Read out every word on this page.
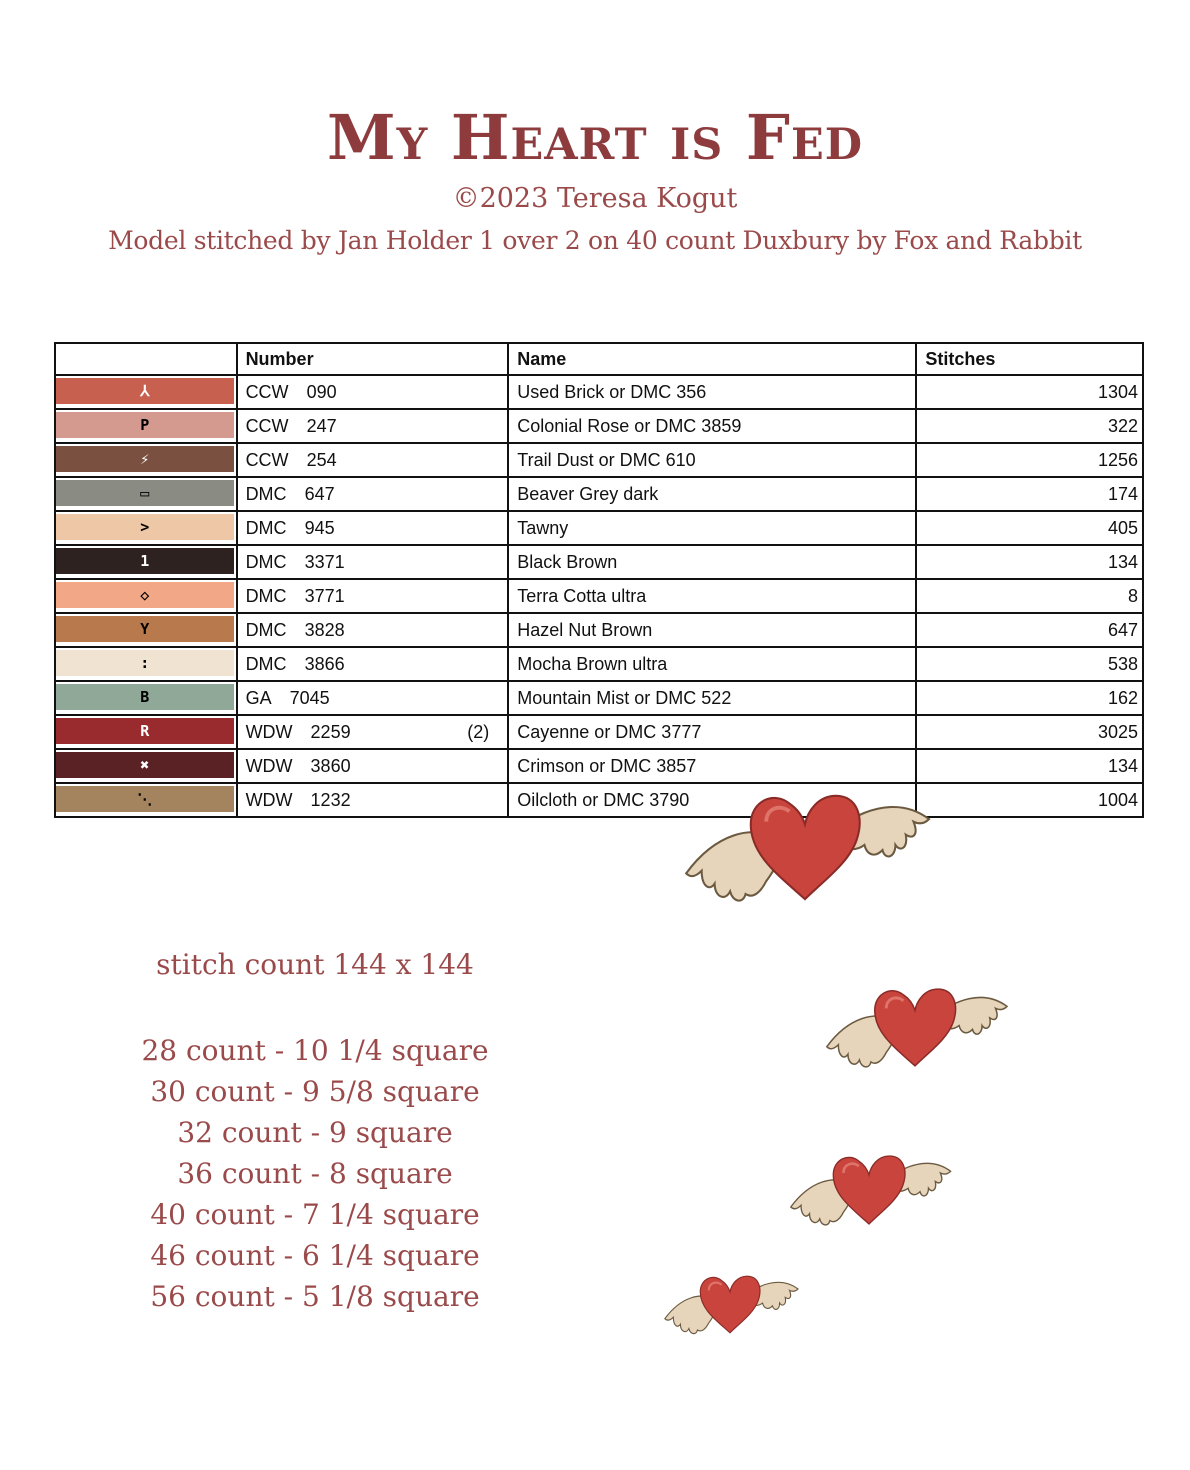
My Heart is Fed
©2023 Teresa Kogut
Model stitched by Jan Holder 1 over 2 on 40 count Duxbury by Fox and Rabbit
	Number	Name	Stitches

⅄	CCW 090	Used Brick or DMC 356	1304

P	CCW 247	Colonial Rose or DMC 3859	322

⚡	CCW 254	Trail Dust or DMC 610	1256

▭	DMC 647	Beaver Grey dark	174

>	DMC 945	Tawny	405

1	DMC 3371	Black Brown	134

◇	DMC 3771	Terra Cotta ultra	8

Y	DMC 3828	Hazel Nut Brown	647

:	DMC 3866	Mocha Brown ultra	538

B	GA 7045	Mountain Mist or DMC 522	162

R	WDW 2259 (2)	Cayenne or DMC 3777	3025

✖	WDW 3860	Crimson or DMC 3857	134

⋱	WDW 1232	Oilcloth or DMC 3790	1004
stitch count 144 x 144
28 count - 10 1/4 square
30 count - 9 5/8 square
32 count - 9 square
36 count - 8 square
40 count - 7 1/4 square
46 count - 6 1/4 square
56 count - 5 1/8 square
